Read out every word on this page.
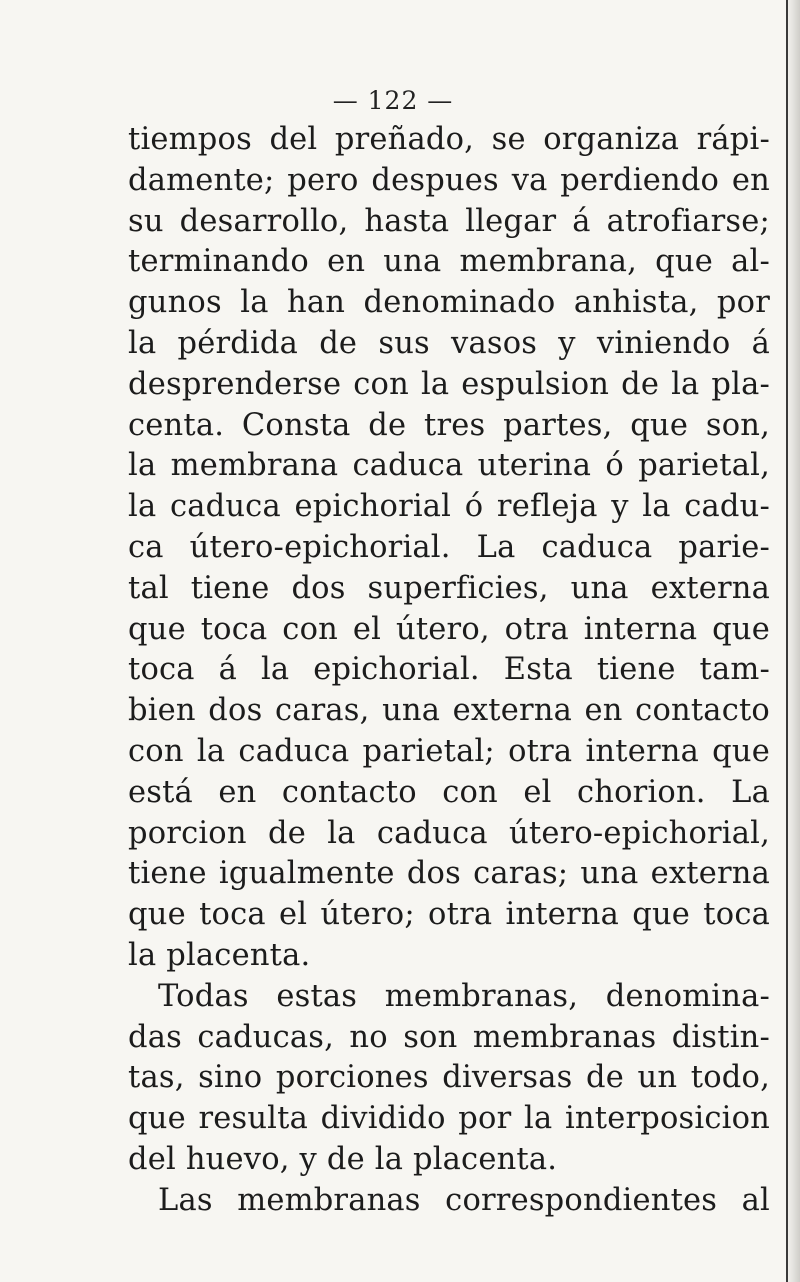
— 122 —
tiempos del preñado, se organiza rápi-
damente; pero despues va perdiendo en
su desarrollo, hasta llegar á atrofiarse;
terminando en una membrana, que al-
gunos la han denominado anhista, por
la pérdida de sus vasos y viniendo á
desprenderse con la espulsion de la pla-
centa. Consta de tres partes, que son,
la membrana caduca uterina ó parietal,
la caduca epichorial ó refleja y la cadu-
ca útero-epichorial. La caduca parie-
tal tiene dos superficies, una externa
que toca con el útero, otra interna que
toca á la epichorial. Esta tiene tam-
bien dos caras, una externa en contacto
con la caduca parietal; otra interna que
está en contacto con el chorion. La
porcion de la caduca útero-epichorial,
tiene igualmente dos caras; una externa
que toca el útero; otra interna que toca
la placenta.
Todas estas membranas, denomina-
das caducas, no son membranas distin-
tas, sino porciones diversas de un todo,
que resulta dividido por la interposicion
del huevo, y de la placenta.
Las membranas correspondientes al
